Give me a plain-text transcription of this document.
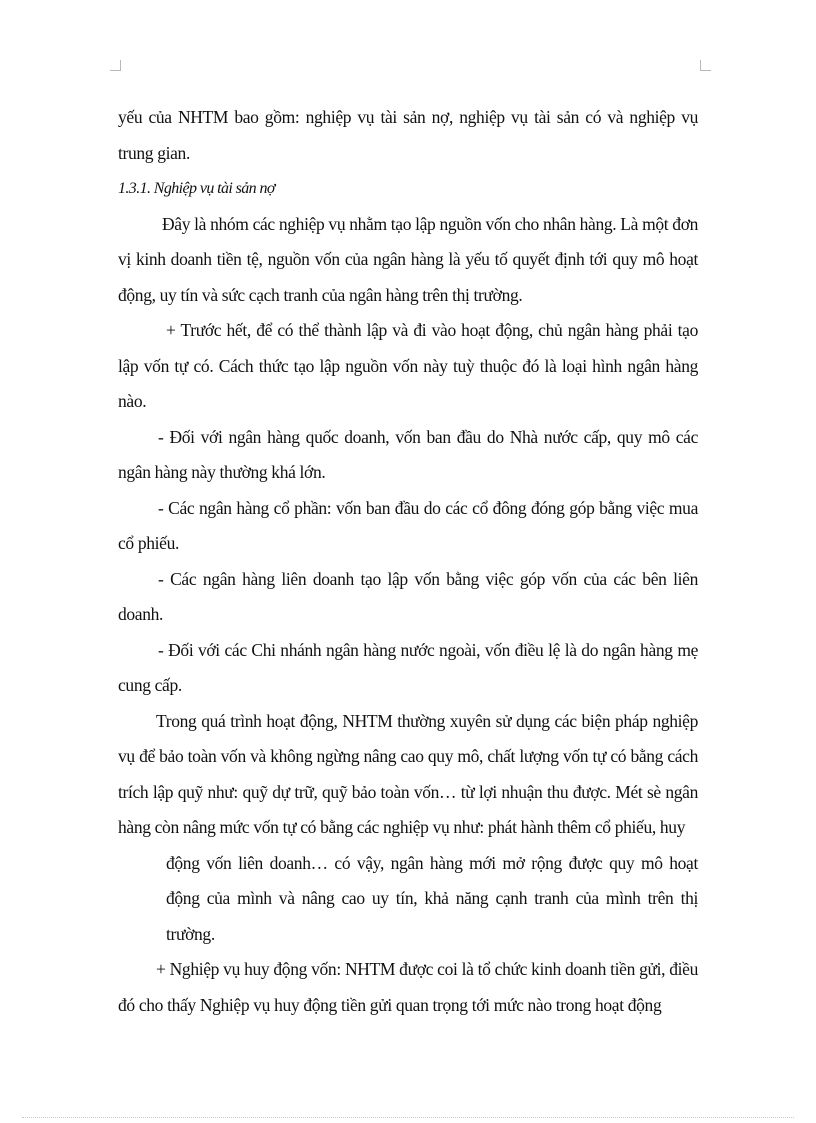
yếu của NHTM bao gồm: nghiệp vụ tài sản nợ, nghiệp vụ tài sản có và nghiệp vụ trung gian.

1.3.1. Nghiệp vụ tài sản nợ

Đây là nhóm các nghiệp vụ nhằm tạo lập nguồn vốn cho nhân hàng. Là một đơn vị kinh doanh tiền tệ, nguồn vốn của ngân hàng là yếu tố quyết định tới quy mô hoạt động, uy tín và sức cạch tranh của ngân hàng trên thị trường.

+ Trước hết, để có thể thành lập và đi vào hoạt động, chủ ngân hàng phải tạo lập vốn tự có. Cách thức tạo lập nguồn vốn này tuỳ thuộc đó là loại hình ngân hàng nào.

- Đối với ngân hàng quốc doanh, vốn ban đầu do Nhà nước cấp, quy mô các ngân hàng này thường khá lớn.

- Các ngân hàng cổ phần: vốn ban đầu do các cổ đông đóng góp bằng việc mua cổ phiếu.

- Các ngân hàng liên doanh tạo lập vốn bằng việc góp vốn của các bên liên doanh.

- Đối với các Chi nhánh ngân hàng nước ngoài, vốn điều lệ là do ngân hàng mẹ cung cấp.

Trong quá trình hoạt động, NHTM thường xuyên sử dụng các biện pháp nghiệp vụ để bảo toàn vốn và không ngừng nâng cao quy mô, chất lượng vốn tự có bằng cách trích lập quỹ như: quỹ dự trữ, quỹ bảo toàn vốn… từ lợi nhuận thu được. Mét sè ngân hàng còn nâng mức vốn tự có bằng các nghiệp vụ như: phát hành thêm cổ phiếu, huy

động vốn liên doanh… có vậy, ngân hàng mới mở rộng được quy mô hoạt động của mình và nâng cao uy tín, khả năng cạnh tranh của mình trên thị trường.

+ Nghiệp vụ huy động vốn: NHTM được coi là tổ chức kinh doanh tiền gửi, điều đó cho thấy Nghiệp vụ huy động tiền gửi quan trọng tới mức nào trong hoạt động
